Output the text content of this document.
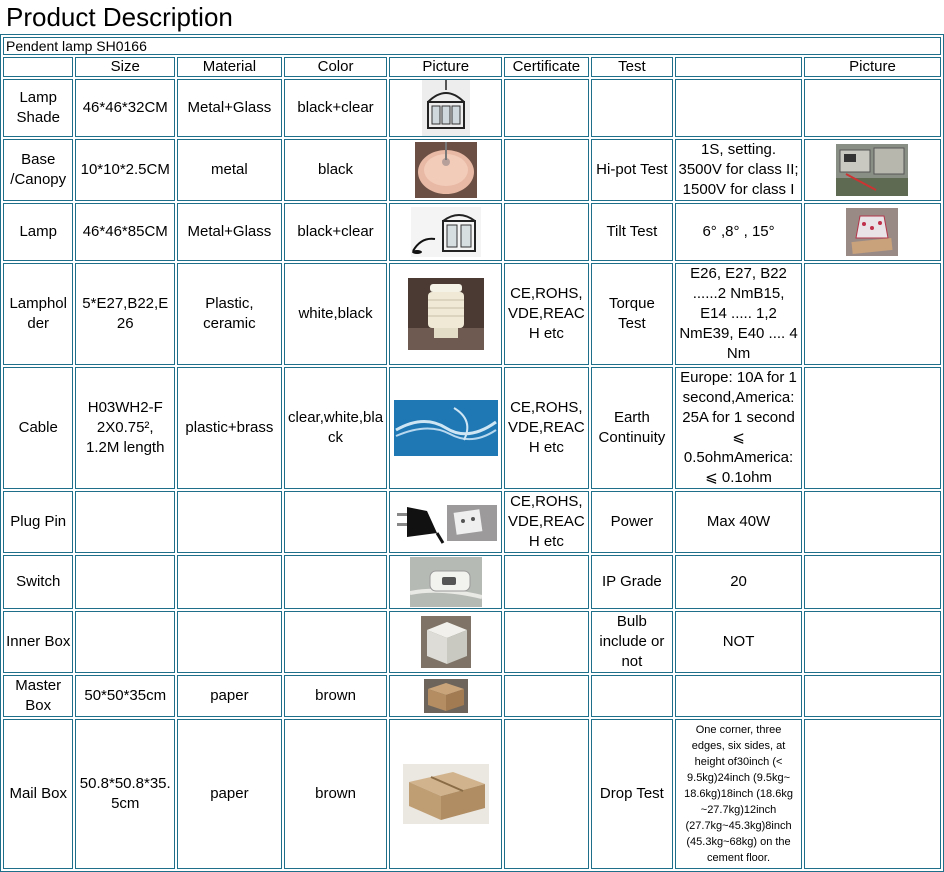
Product Description
Pendent lamp SH0166								
	Size	Material	Color	Picture	Certificate	Test		Picture
Lamp Shade	46*46*32CM	Metal+Glass	black+clear	

Base /Canopy	10*10*2.5CM	metal	black			Hi-pot Test	1S, setting. 3500V for class II; 1500V for class I	

Lamp	46*46*85CM	Metal+Glass	black+clear			Tilt Test	6° ,8° , 15°	

Lampholder	5*E27,B22,E26	Plastic, ceramic	white,black		CE,ROHS, VDE,REACH etc	Torque Test	E26, E27, B22 ......2 NmB15, E14 ..... 1,2 NmE39, E40 .... 4 Nm	
Cable	H03WH2-F 2X0.75², 1.2M length	plastic+brass	clear,white,black		CE,ROHS, VDE,REACH etc	Earth Continuity	Europe: 10A for 1 second,America: 25A for 1 second ⩽ 0.5ohmAmerica: ⩽ 0.1ohm	
Plug Pin					CE,ROHS, VDE,REACH etc	Power	Max 40W	
Switch						IP Grade	20	
Inner Box						Bulb include or not	NOT	
Master Box	50*50*35cm	paper	brown	

Mail Box	50.8*50.8*35.5cm	paper	brown			Drop Test	One corner, three edges, six sides, at height of30inch (< 9.5kg)24inch (9.5kg~ 18.6kg)18inch (18.6kg ~27.7kg)12inch (27.7kg~45.3kg)8inch (45.3kg~68kg) on the cement floor.	
